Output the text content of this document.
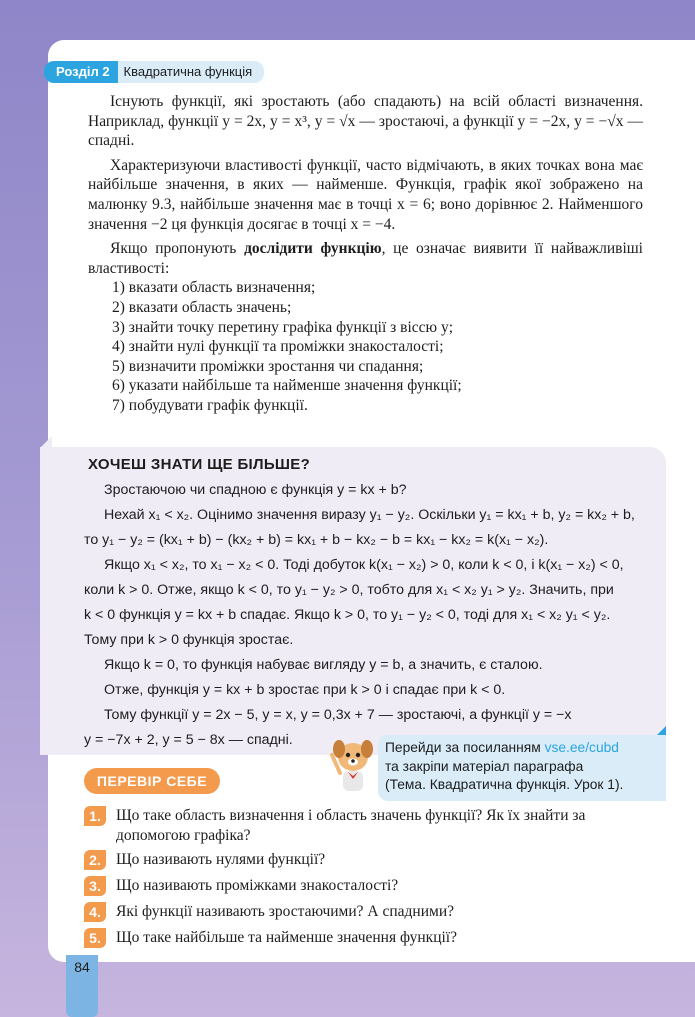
Розділ 2	Квадратична функція

Існують функції, які зростають (або спадають) на всій області визначення. Наприклад, функції y = 2x, y = x³, y = √x — зростаючі, а функції y = −2x, y = −√x — спадні.

Характеризуючи властивості функції, часто відмічають, в яких точках вона має найбільше значення, в яких — найменше. Функція, графік якої зображено на малюнку 9.3, найбільше значення має в точці x = 6; воно дорівнює 2. Найменшого значення −2 ця функція досягає в точці x = −4.

Якщо пропонують дослідити функцію, це означає виявити її найважливіші властивості:

1) вказати область визначення;
2) вказати область значень;
3) знайти точку перетину графіка функції з віссю y;
4) знайти нулі функції та проміжки знакосталості;
5) визначити проміжки зростання чи спадання;
6) указати найбільше та найменше значення функції;
7) побудувати графік функції.
ХОЧЕШ ЗНАТИ ЩЕ БІЛЬШЕ?

Зростаючою чи спадною є функція y = kx + b?

Нехай x₁ < x₂. Оцінимо значення виразу y₁ − y₂. Оскільки y₁ = kx₁ + b, y₂ = kx₂ + b,

то y₁ − y₂ = (kx₁ + b) − (kx₂ + b) = kx₁ + b − kx₂ − b = kx₁ − kx₂ = k(x₁ − x₂).

Якщо x₁ < x₂, то x₁ − x₂ < 0. Тоді добуток k(x₁ − x₂) > 0, коли k < 0, і k(x₁ − x₂) < 0,

коли k > 0. Отже, якщо k < 0, то y₁ − y₂ > 0, тобто для x₁ < x₂ y₁ > y₂. Значить, при

k < 0 функція y = kx + b спадає. Якщо k > 0, то y₁ − y₂ < 0, тоді для x₁ < x₂ y₁ < y₂.

Тому при k > 0 функція зростає.

Якщо k = 0, то функція набуває вигляду y = b, а значить, є сталою.

Отже, функція y = kx + b зростає при k > 0 і спадає при k < 0.

Тому функції y = 2x − 5, y = x, y = 0,3x + 7 — зростаючі, а функції y = −x

y = −7x + 2, y = 5 − 8x — спадні.	Перейди за посиланням vse.ee/cubd
та закріпи матеріал параграфа
(Тема. Квадратична функція. Урок 1).
ПЕРЕВІР СЕБЕ
1. Що таке область визначення і область значень функції? Як їх знайти за допомогою графіка?
2. Що називають нулями функції?
3. Що називають проміжками знакосталості?
4. Які функції називають зростаючими? А спадними?
5. Що таке найбільше та найменше значення функції?
84
